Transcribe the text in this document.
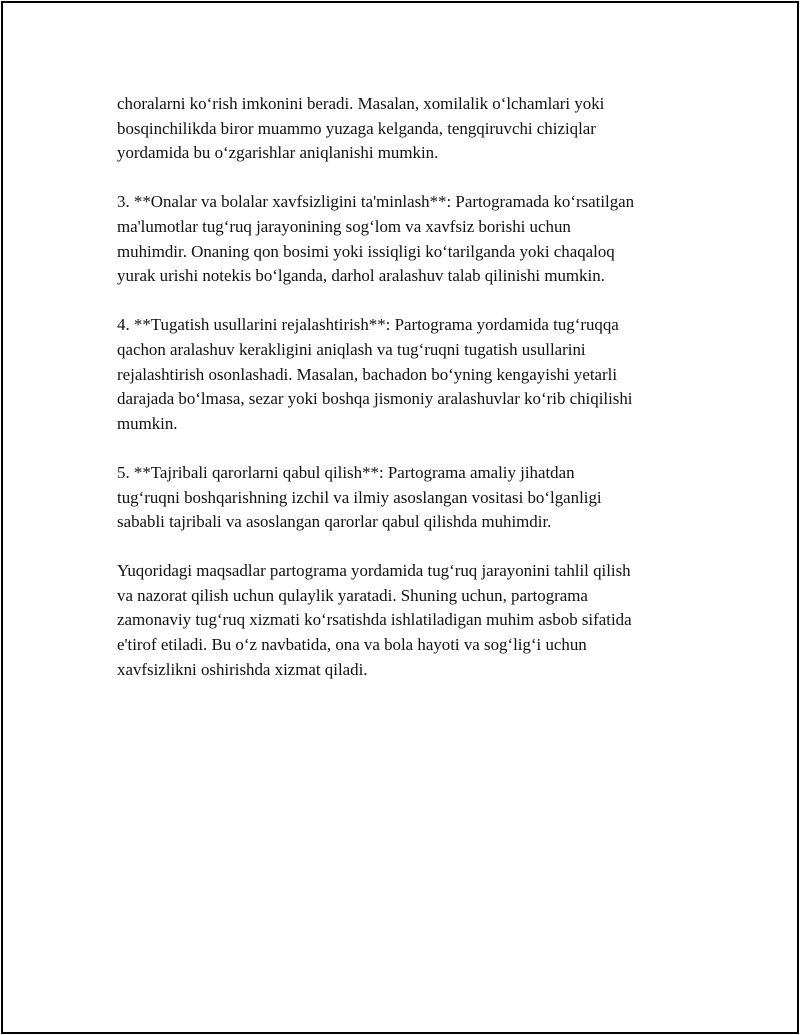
choralarni ko‘rish imkonini beradi. Masalan, xomilalik o‘lchamlari yoki
bosqinchilikda biror muammo yuzaga kelganda, tengqiruvchi chiziqlar
yordamida bu o‘zgarishlar aniqlanishi mumkin.

3. **Onalar va bolalar xavfsizligini ta'minlash**: Partogramada ko‘rsatilgan
ma'lumotlar tug‘ruq jarayonining sog‘lom va xavfsiz borishi uchun
muhimdir. Onaning qon bosimi yoki issiqligi ko‘tarilganda yoki chaqaloq
yurak urishi notekis bo‘lganda, darhol aralashuv talab qilinishi mumkin.

4. **Tugatish usullarini rejalashtirish**: Partograma yordamida tug‘ruqqa
qachon aralashuv kerakligini aniqlash va tug‘ruqni tugatish usullarini
rejalashtirish osonlashadi. Masalan, bachadon bo‘yning kengayishi yetarli
darajada bo‘lmasa, sezar yoki boshqa jismoniy aralashuvlar ko‘rib chiqilishi
mumkin.

5. **Tajribali qarorlarni qabul qilish**: Partograma amaliy jihatdan
tug‘ruqni boshqarishning izchil va ilmiy asoslangan vositasi bo‘lganligi
sababli tajribali va asoslangan qarorlar qabul qilishda muhimdir.

Yuqoridagi maqsadlar partograma yordamida tug‘ruq jarayonini tahlil qilish
va nazorat qilish uchun qulaylik yaratadi. Shuning uchun, partograma
zamonaviy tug‘ruq xizmati ko‘rsatishda ishlatiladigan muhim asbob sifatida
e'tirof etiladi. Bu o‘z navbatida, ona va bola hayoti va sog‘lig‘i uchun
xavfsizlikni oshirishda xizmat qiladi.
